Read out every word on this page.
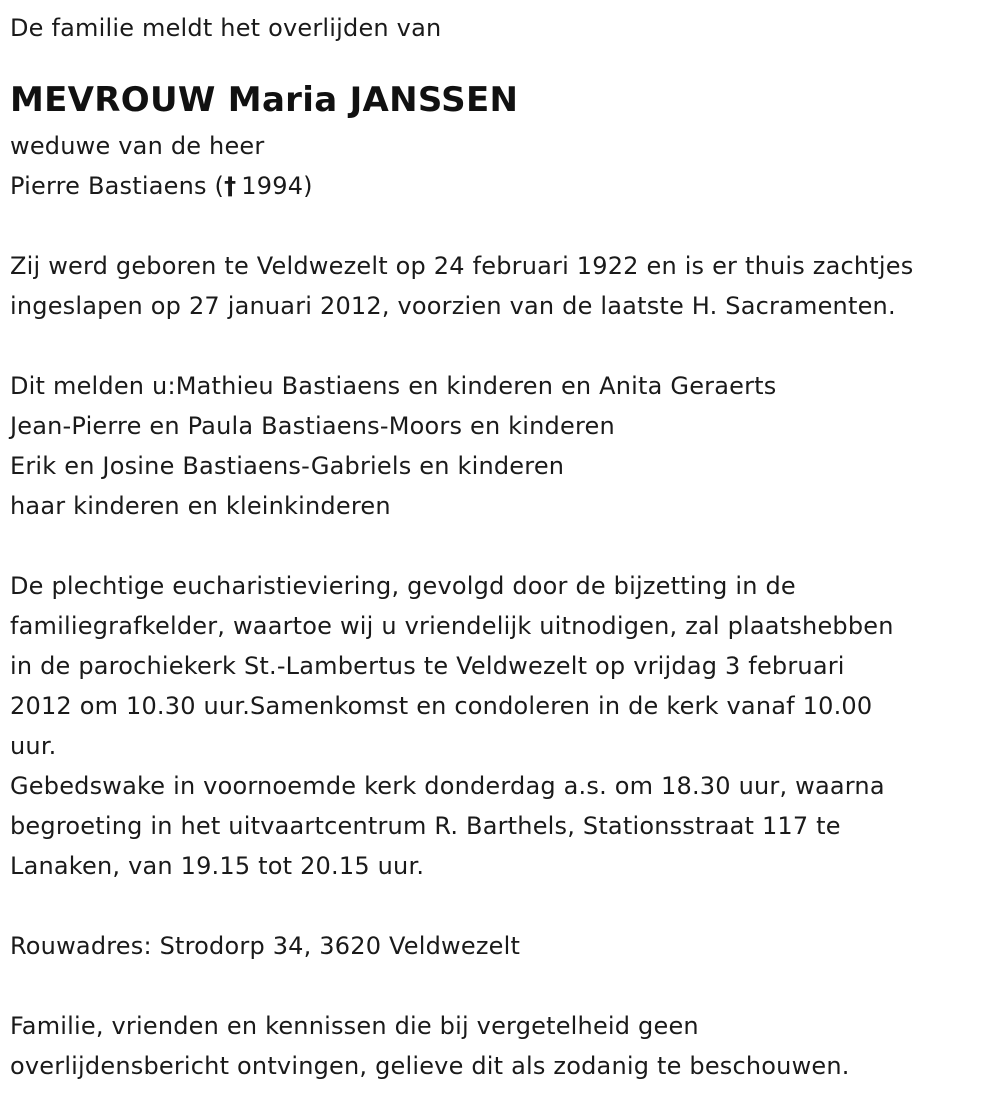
De familie meldt het overlijden van
MEVROUW Maria JANSSEN
weduwe van de heer
Pierre Bastiaens (†  1994)
Zij werd geboren te Veldwezelt op 24 februari 1922 en is er thuis zachtjes
ingeslapen op 27 januari 2012, voorzien van de laatste H. Sacramenten.
Dit melden u:Mathieu Bastiaens en kinderen en Anita Geraerts
Jean-Pierre en Paula Bastiaens-Moors en kinderen
Erik en Josine Bastiaens-Gabriels en kinderen
haar kinderen en kleinkinderen
De plechtige eucharistieviering, gevolgd door de bijzetting in de
familiegrafkelder, waartoe wij u vriendelijk uitnodigen, zal plaatshebben
in de parochiekerk St.-Lambertus te Veldwezelt op vrijdag 3 februari
2012 om 10.30 uur.Samenkomst en condoleren in de kerk vanaf 10.00
uur.
Gebedswake in voornoemde kerk donderdag a.s. om 18.30 uur, waarna
begroeting in het uitvaartcentrum R. Barthels, Stationsstraat 117 te
Lanaken, van 19.15 tot 20.15 uur.
Rouwadres: Strodorp 34, 3620 Veldwezelt
Familie, vrienden en kennissen die bij vergetelheid geen
overlijdensbericht ontvingen, gelieve dit als zodanig te beschouwen.
